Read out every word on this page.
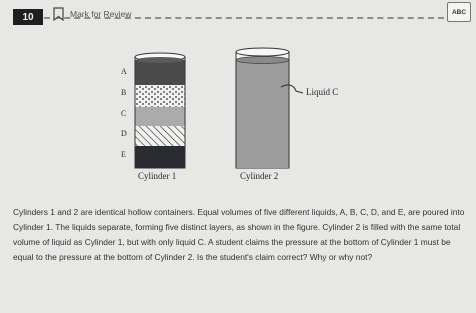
10	Mark for Review	ABC
A
B
C
D
E
Liquid C
Cylinder 1	Cylinder 2
Cylinders 1 and 2 are identical hollow containers. Equal volumes of five different liquids, A, B, C, D, and E, are poured into Cylinder 1. The liquids separate, forming five distinct layers, as shown in the figure. Cylinder 2 is filled with the same total volume of liquid as Cylinder 1, but with only liquid C. A student claims the pressure at the bottom of Cylinder 1 must be equal to the pressure at the bottom of Cylinder 2. Is the student's claim correct? Why or why not?
